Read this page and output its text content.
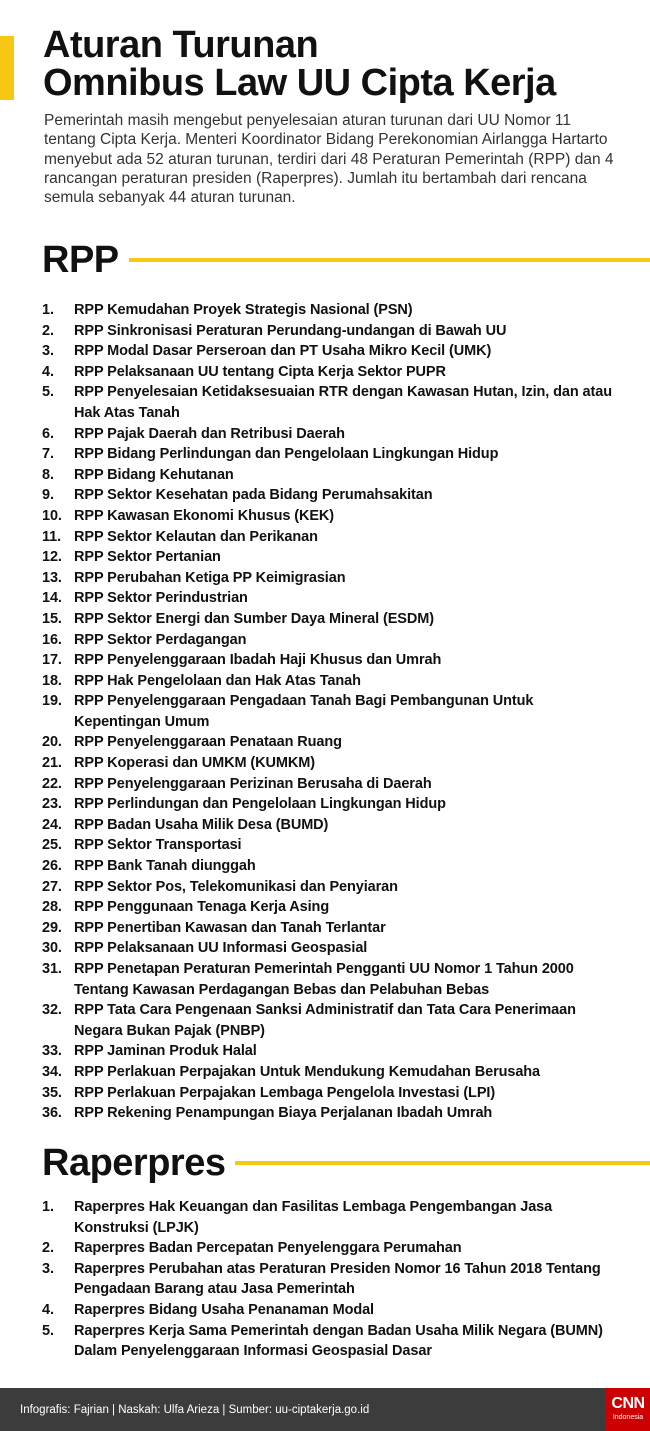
Aturan Turunan
Omnibus Law UU Cipta Kerja

Pemerintah masih mengebut penyelesaian aturan turunan dari UU Nomor 11 tentang Cipta Kerja. Menteri Koordinator Bidang Perekonomian Airlangga Hartarto menyebut ada 52 aturan turunan, terdiri dari 48 Peraturan Pemerintah (RPP) dan 4 rancangan peraturan presiden (Raperpres). Jumlah itu bertambah dari rencana semula sebanyak 44 aturan turunan.

RPP
1.	RPP Kemudahan Proyek Strategis Nasional (PSN)
2.	RPP Sinkronisasi Peraturan Perundang-undangan di Bawah UU
3.	RPP Modal Dasar Perseroan dan PT Usaha Mikro Kecil (UMK)
4.	RPP Pelaksanaan UU tentang Cipta Kerja Sektor PUPR
5.	RPP Penyelesaian Ketidaksesuaian RTR dengan Kawasan Hutan, Izin, dan atau Hak Atas Tanah
6.	RPP Pajak Daerah dan Retribusi Daerah
7.	RPP Bidang Perlindungan dan Pengelolaan Lingkungan Hidup
8.	RPP Bidang Kehutanan
9.	RPP Sektor Kesehatan pada Bidang Perumahsakitan
10. RPP Kawasan Ekonomi Khusus (KEK)
11. RPP Sektor Kelautan dan Perikanan
12. RPP Sektor Pertanian
13. RPP Perubahan Ketiga PP Keimigrasian
14. RPP Sektor Perindustrian
15. RPP Sektor Energi dan Sumber Daya Mineral (ESDM)
16. RPP Sektor Perdagangan
17. RPP Penyelenggaraan Ibadah Haji Khusus dan Umrah
18. RPP Hak Pengelolaan dan Hak Atas Tanah
19. RPP Penyelenggaraan Pengadaan Tanah Bagi Pembangunan Untuk Kepentingan Umum
20. RPP Penyelenggaraan Penataan Ruang
21. RPP Koperasi dan UMKM (KUMKM)
22. RPP Penyelenggaraan Perizinan Berusaha di Daerah
23. RPP Perlindungan dan Pengelolaan Lingkungan Hidup
24. RPP Badan Usaha Milik Desa (BUMD)
25. RPP Sektor Transportasi
26. RPP Bank Tanah diunggah
27. RPP Sektor Pos, Telekomunikasi dan Penyiaran
28. RPP Penggunaan Tenaga Kerja Asing
29. RPP Penertiban Kawasan dan Tanah Terlantar
30. RPP Pelaksanaan UU Informasi Geospasial
31. RPP Penetapan Peraturan Pemerintah Pengganti UU Nomor 1 Tahun 2000 Tentang Kawasan Perdagangan Bebas dan Pelabuhan Bebas
32. RPP Tata Cara Pengenaan Sanksi Administratif dan Tata Cara Penerimaan Negara Bukan Pajak (PNBP)
33. RPP Jaminan Produk Halal
34. RPP Perlakuan Perpajakan Untuk Mendukung Kemudahan Berusaha
35. RPP Perlakuan Perpajakan Lembaga Pengelola Investasi (LPI)
36. RPP Rekening Penampungan Biaya Perjalanan Ibadah Umrah
Raperpres
1.	Raperpres Hak Keuangan dan Fasilitas Lembaga Pengembangan Jasa Konstruksi (LPJK)
2.	Raperpres Badan Percepatan Penyelenggara Perumahan
3.	Raperpres Perubahan atas Peraturan Presiden Nomor 16 Tahun 2018 Tentang Pengadaan Barang atau Jasa Pemerintah
4.	Raperpres Bidang Usaha Penanaman Modal
5.	Raperpres Kerja Sama Pemerintah dengan Badan Usaha Milik Negara (BUMN) Dalam Penyelenggaraan Informasi Geospasial Dasar
Infografis: Fajrian | Naskah: Ulfa Arieza | Sumber: uu-ciptakerja.go.id	CNN
Indonesia
